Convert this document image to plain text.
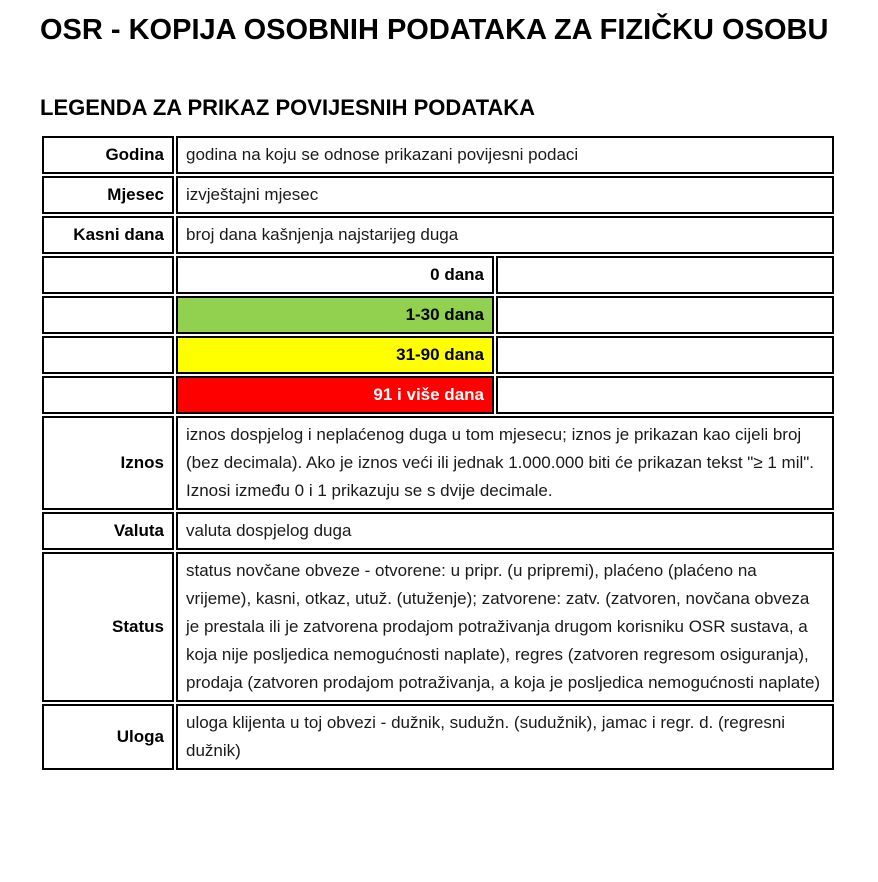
OSR - KOPIJA OSOBNIH PODATAKA ZA FIZIČKU OSOBU
LEGENDA ZA PRIKAZ POVIJESNIH PODATAKA
Godina	godina na koju se odnose prikazani povijesni podaci	
Mjesec	izvještajni mjesec	
Kasni dana	broj dana kašnjenja najstarijeg duga	
	0 dana	
	1-30 dana	
	31-90 dana	
	91 i više dana	
Iznos	iznos dospjelog i neplaćenog duga u tom mjesecu; iznos je prikazan kao cijeli broj (bez decimala). Ako je iznos veći ili jednak 1.000.000 biti će prikazan tekst "≥ 1 mil". Iznosi između 0 i 1 prikazuju se s dvije decimale.	
Valuta	valuta dospjelog duga	
Status	status novčane obveze - otvorene: u pripr. (u pripremi), plaćeno (plaćeno na vrijeme), kasni, otkaz, utuž. (utuženje); zatvorene: zatv. (zatvoren, novčana obveza je prestala ili je zatvorena prodajom potraživanja drugom korisniku OSR sustava, a koja nije posljedica nemogućnosti naplate), regres (zatvoren regresom osiguranja), prodaja (zatvoren prodajom potraživanja, a koja je posljedica nemogućnosti naplate)	
Uloga	uloga klijenta u toj obvezi - dužnik, sudužn. (sudužnik), jamac i regr. d. (regresni dužnik)	
